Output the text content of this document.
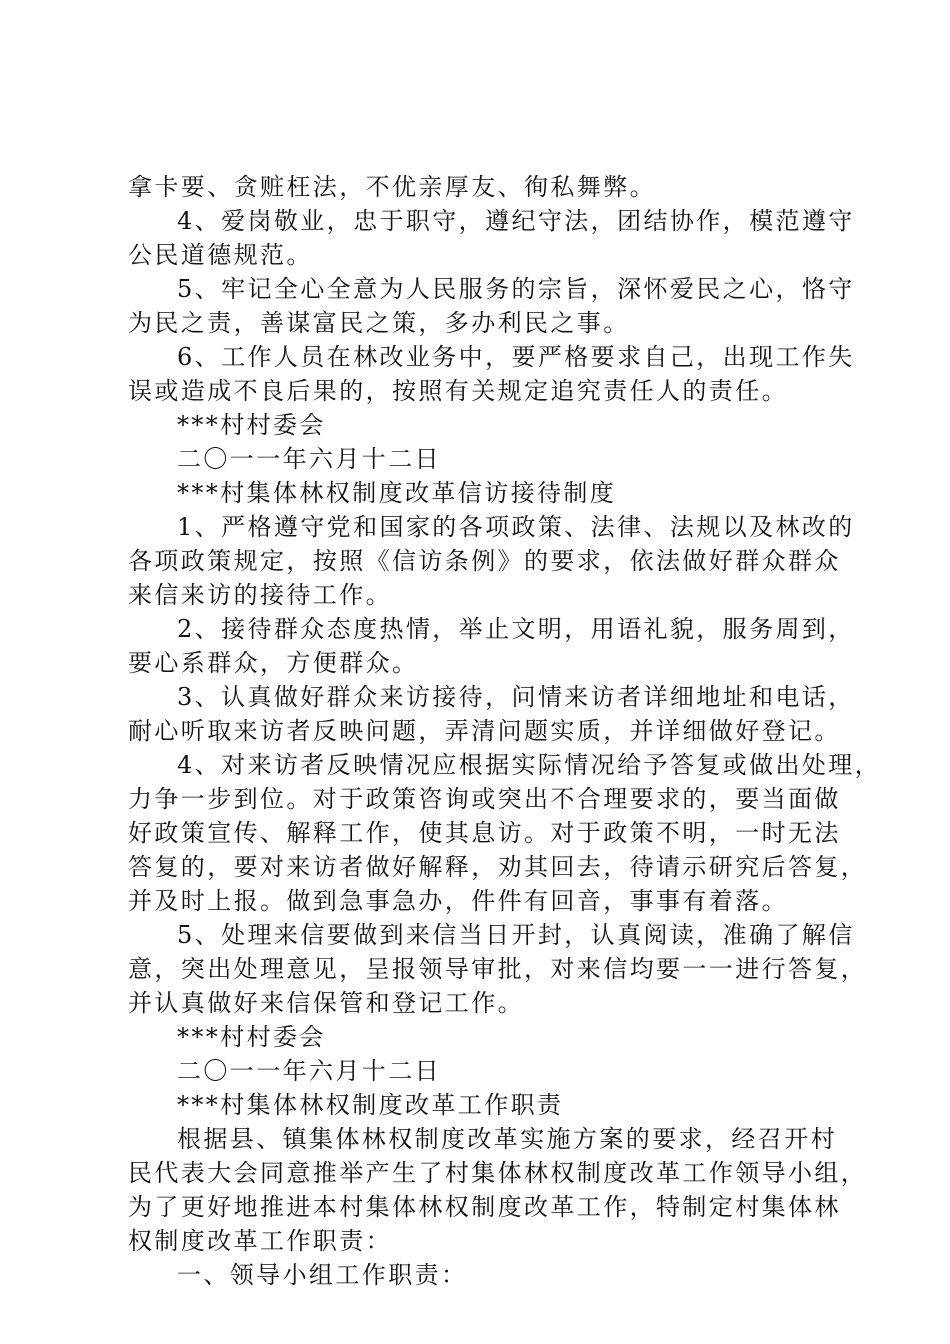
拿卡要、贪赃枉法，不优亲厚友、徇私舞弊。
4、爱岗敬业，忠于职守，遵纪守法，团结协作，模范遵守
公民道德规范。
5、牢记全心全意为人民服务的宗旨，深怀爱民之心，恪守
为民之责，善谋富民之策，多办利民之事。
6、工作人员在林改业务中，要严格要求自己，出现工作失
误或造成不良后果的，按照有关规定追究责任人的责任。
***村村委会
二〇一一年六月十二日
***村集体林权制度改革信访接待制度
1、严格遵守党和国家的各项政策、法律、法规以及林改的
各项政策规定，按照《信访条例》的要求，依法做好群众群众
来信来访的接待工作。
2、接待群众态度热情，举止文明，用语礼貌，服务周到，
要心系群众，方便群众。
3、认真做好群众来访接待，问情来访者详细地址和电话，
耐心听取来访者反映问题，弄清问题实质，并详细做好登记。
4、对来访者反映情况应根据实际情况给予答复或做出处理，
力争一步到位。对于政策咨询或突出不合理要求的，要当面做
好政策宣传、解释工作，使其息访。对于政策不明，一时无法
答复的，要对来访者做好解释，劝其回去，待请示研究后答复，
并及时上报。做到急事急办，件件有回音，事事有着落。
5、处理来信要做到来信当日开封，认真阅读，准确了解信
意，突出处理意见，呈报领导审批，对来信均要一一进行答复，
并认真做好来信保管和登记工作。
***村村委会
二〇一一年六月十二日
***村集体林权制度改革工作职责
根据县、镇集体林权制度改革实施方案的要求，经召开村
民代表大会同意推举产生了村集体林权制度改革工作领导小组，
为了更好地推进本村集体林权制度改革工作，特制定村集体林
权制度改革工作职责：
一、领导小组工作职责：
